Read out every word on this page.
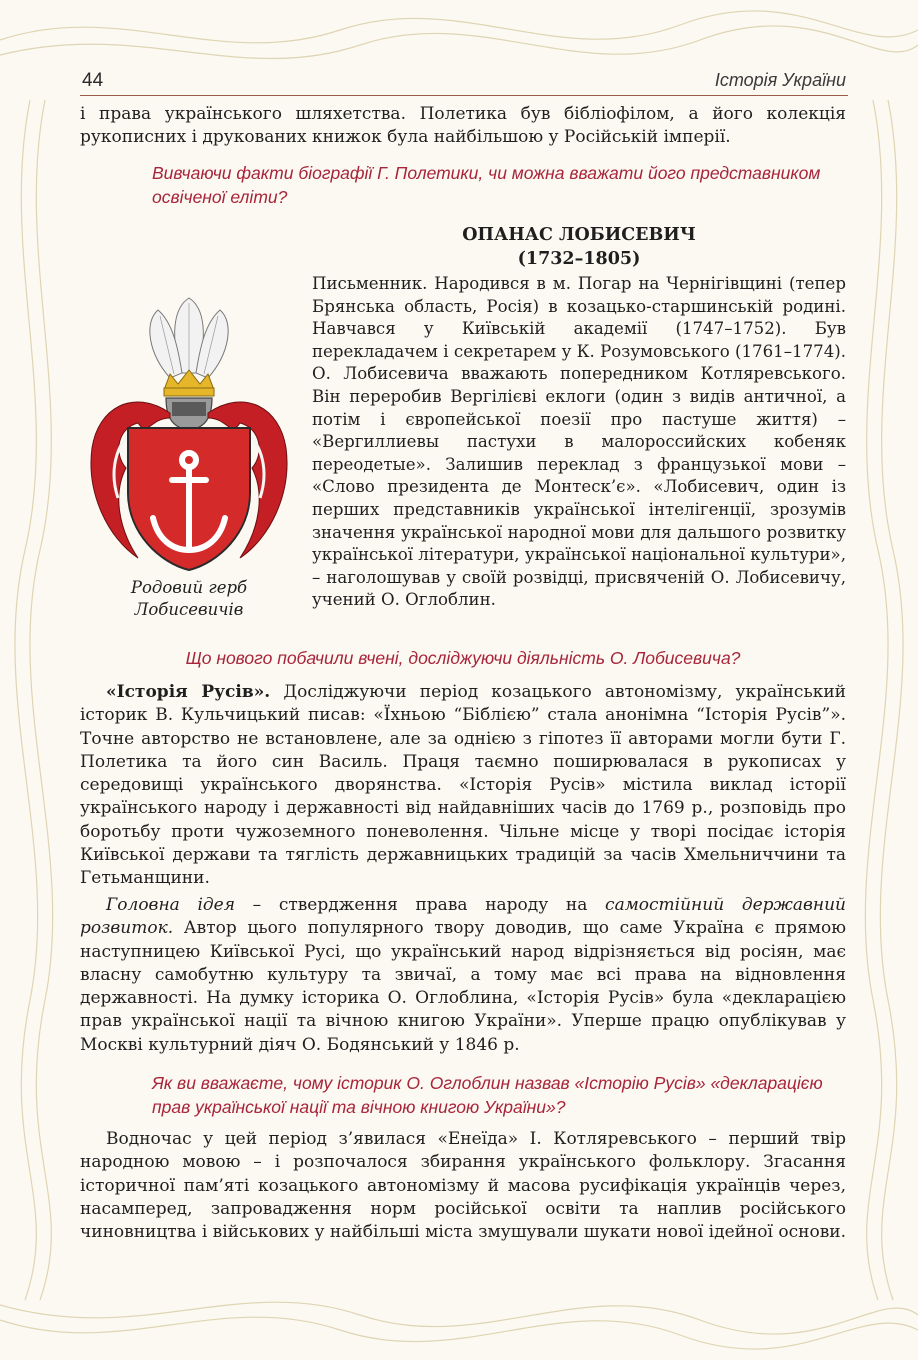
44	Історія України

і права українського шляхетства. Полетика був бібліофілом, а його колекція рукописних і друкованих книжок була найбільшою у Російській імперії.

Вивчаючи факти біографії Г. Полетики, чи можна вважати його представником освіченої еліти?

ОПАНАС ЛОБИСЕВИЧ
(1732–1805)
Родовий герб Лобисевичів

Письменник. Народився в м. Погар на Чернігівщині (тепер Брянська область, Росія) в козацько-старшинській родині. Навчався у Київській академії (1747–1752). Був перекладачем і секретарем у К. Розумовського (1761–1774). О. Лобисевича вважають попередником Котляревського. Він переробив Вергілієві еклоги (один з видів античної, а потім і європейської поезії про пастуше життя) – «Вергиллиевы пастухи в малороссийских кобеняк переодетые». Залишив переклад з французької мови – «Слово президента де Монтеск’є». «Лобисевич, один із перших представників української інтелігенції, зрозумів значення української народної мови для дальшого розвитку української літератури, української національної культури», – наголошував у своїй розвідці, присвяченій О. Лобисевичу, учений О. Оглоблин.

Що нового побачили вчені, досліджуючи діяльність О. Лобисевича?

«Історія Русів». Досліджуючи період козацького автономізму, український історик В. Кульчицький писав: «Їхньою “Біблією” стала анонімна “Історія Русів”». Точне авторство не встановлене, але за однією з гіпотез її авторами могли бути Г. Полетика та його син Василь. Праця таємно поширювалася в рукописах у середовищі українського дворянства. «Історія Русів» містила виклад історії українського народу і державності від найдавніших часів до 1769 р., розповідь про боротьбу проти чужоземного поневолення. Чільне місце у творі посідає історія Київської держави та тяглість державницьких традицій за часів Хмельниччини та Гетьманщини.

Головна ідея – ствердження права народу на самостійний державний розвиток. Автор цього популярного твору доводив, що саме Україна є прямою наступницею Київської Русі, що український народ відрізняється від росіян, має власну самобутню культуру та звичаї, а тому має всі права на відновлення державності. На думку історика О. Оглоблина, «Історія Русів» була «декларацією прав української нації та вічною книгою України». Уперше працю опублікував у Москві культурний діяч О. Бодянський у 1846 р.

Як ви вважаєте, чому історик О. Оглоблин назвав «Історію Русів» «декларацією прав української нації та вічною книгою України»?

Водночас у цей період з’явилася «Енеїда» І. Котляревського – перший твір народною мовою – і розпочалося збирання українського фольклору. Згасання історичної пам’яті козацького автономізму й масова русифікація українців через, насамперед, запровадження норм російської освіти та наплив російського чиновництва і військових у найбільші міста змушували шукати нової ідейної основи.
